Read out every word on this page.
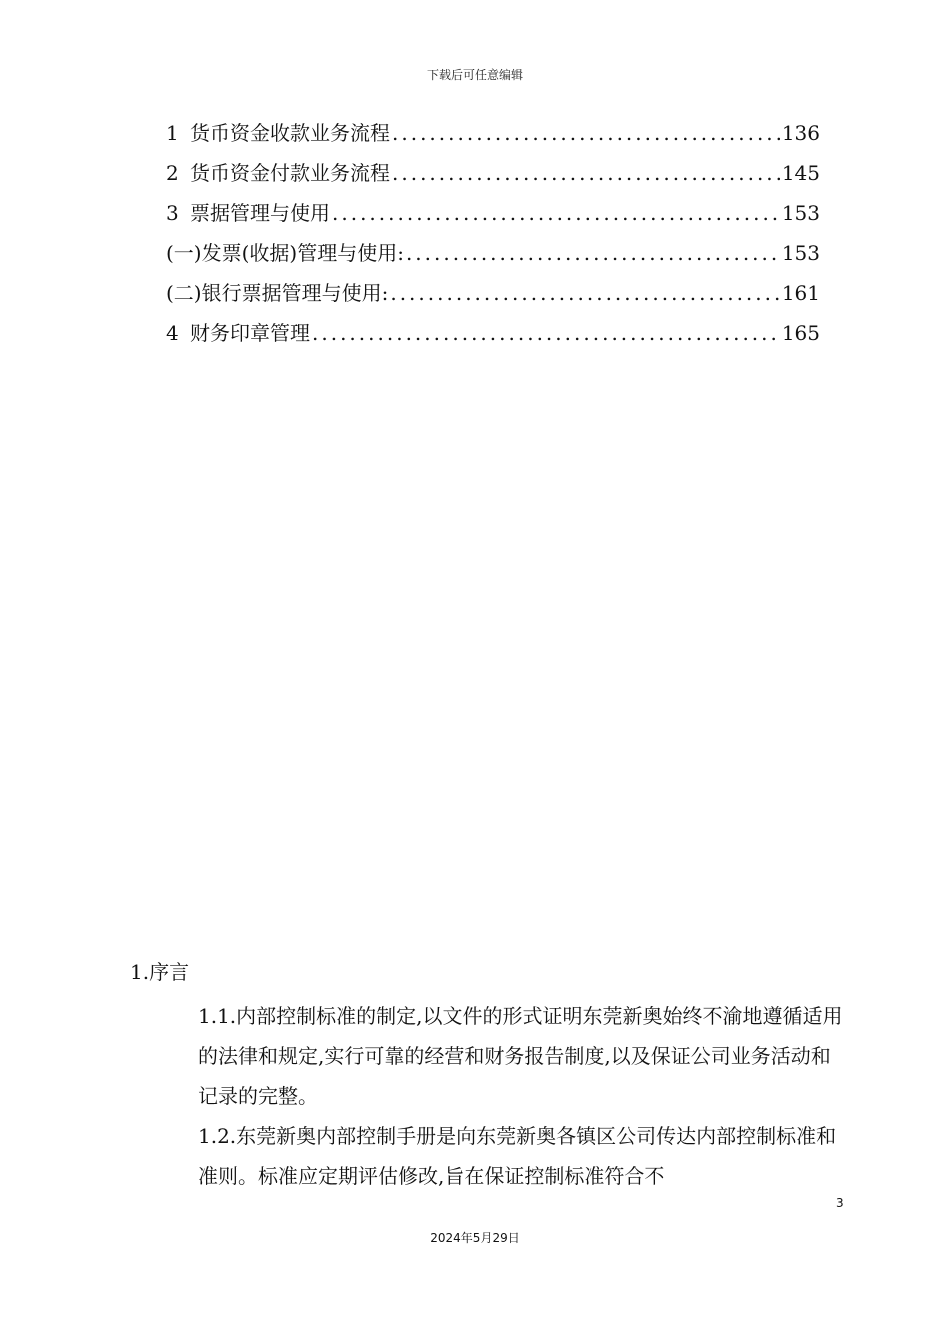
下载后可任意编辑
1 货币资金收款业务流程 .....	136
2 货币资金付款业务流程 .....	145
3 票据管理与使用 .....	153
(一)发票(收据)管理与使用: .....	153
(二)银行票据管理与使用: .....	161
4 财务印章管理 .....	165
1.序言

1.1.内部控制标准的制定,以文件的形式证明东莞新奥始终不渝地遵循适用的法律和规定,实行可靠的经营和财务报告制度,以及保证公司业务活动和记录的完整。

1.2.东莞新奥内部控制手册是向东莞新奥各镇区公司传达内部控制标准和准则。标准应定期评估修改,旨在保证控制标准符合不

3
2024年5月29日
